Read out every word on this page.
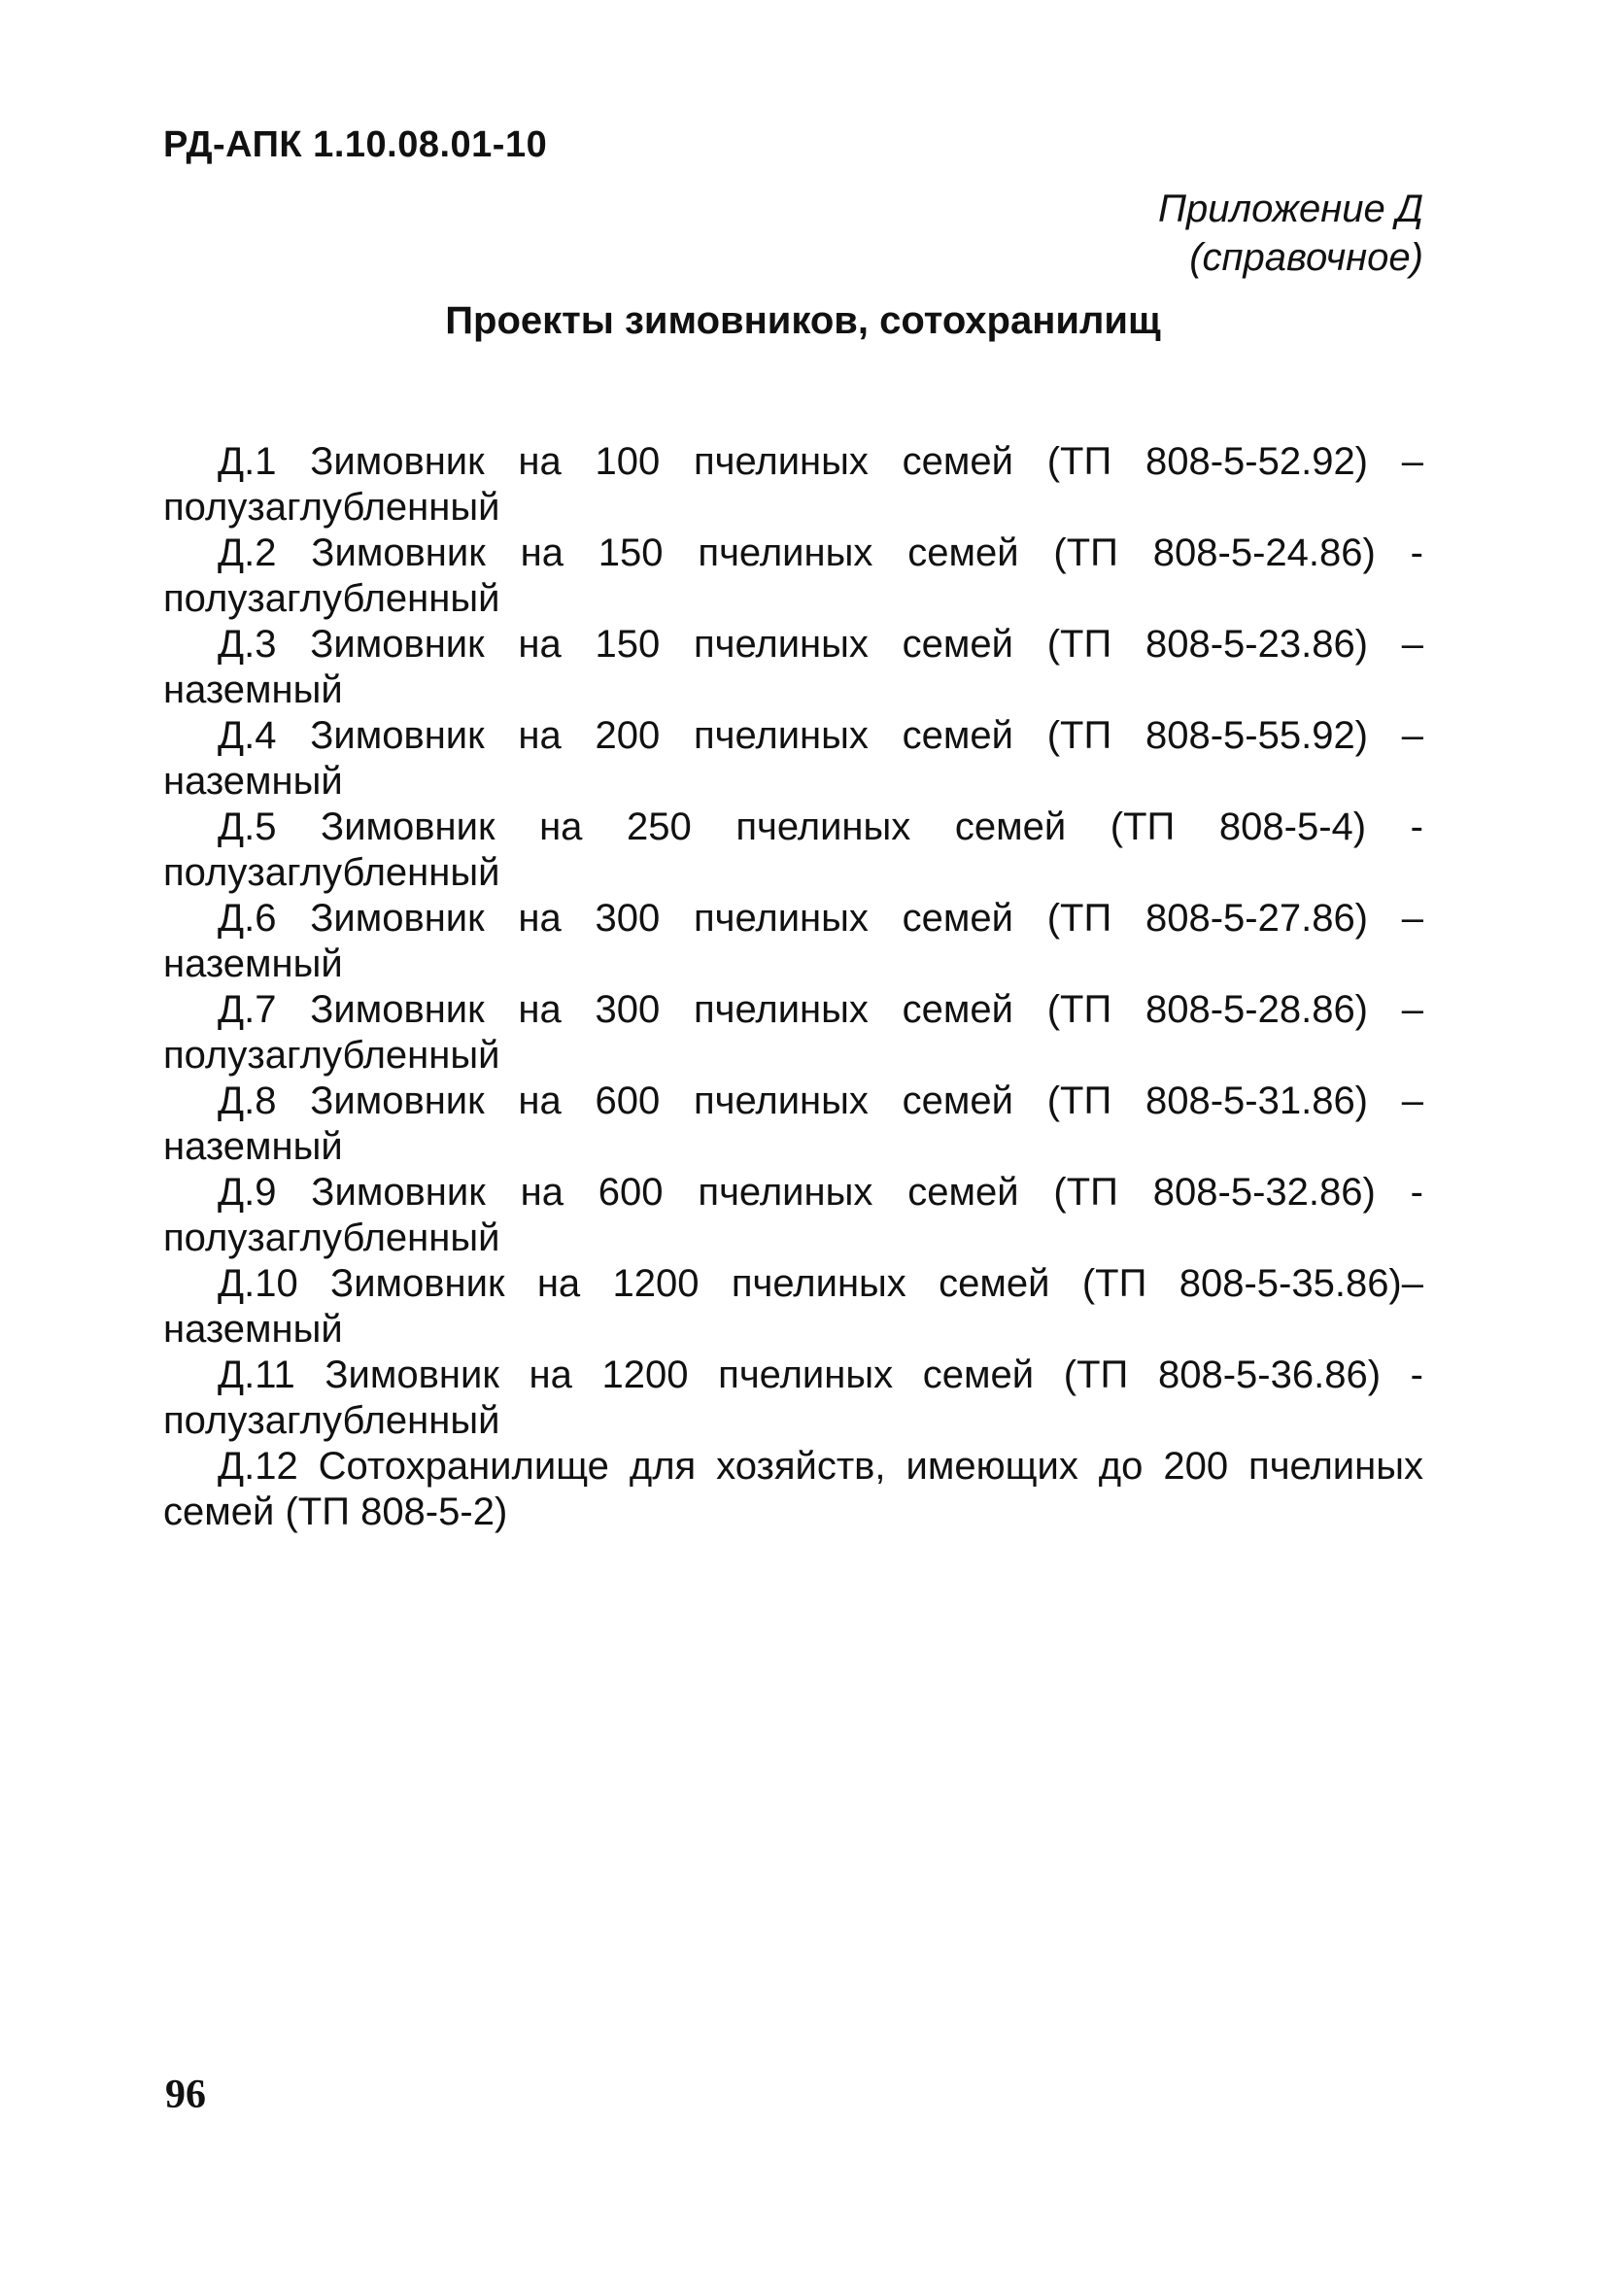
РД-АПК 1.10.08.01-10
Приложение Д
(справочное)
Проекты зимовников, сотохранилищ
Д.1 Зимовник на 100 пчелиных семей (ТП 808-5-52.92) – полузаглубленный
Д.2 Зимовник на 150 пчелиных семей (ТП 808-5-24.86) - полузаглубленный
Д.3 Зимовник на 150 пчелиных семей (ТП 808-5-23.86) – наземный
Д.4 Зимовник на 200 пчелиных семей (ТП 808-5-55.92) – наземный
Д.5 Зимовник на 250 пчелиных семей (ТП 808-5-4) - полузаглубленный
Д.6 Зимовник на 300 пчелиных семей (ТП 808-5-27.86) – наземный
Д.7 Зимовник на 300 пчелиных семей (ТП 808-5-28.86) – полузаглубленный
Д.8 Зимовник на 600 пчелиных семей (ТП 808-5-31.86) – наземный
Д.9 Зимовник на 600 пчелиных семей (ТП 808-5-32.86) - полузаглубленный
Д.10 Зимовник на 1200 пчелиных семей (ТП 808-5-35.86)– наземный
Д.11 Зимовник на 1200 пчелиных семей (ТП 808-5-36.86) - полузаглубленный
Д.12 Сотохранилище для хозяйств, имеющих до 200 пчелиных семей (ТП 808-5-2)
96
